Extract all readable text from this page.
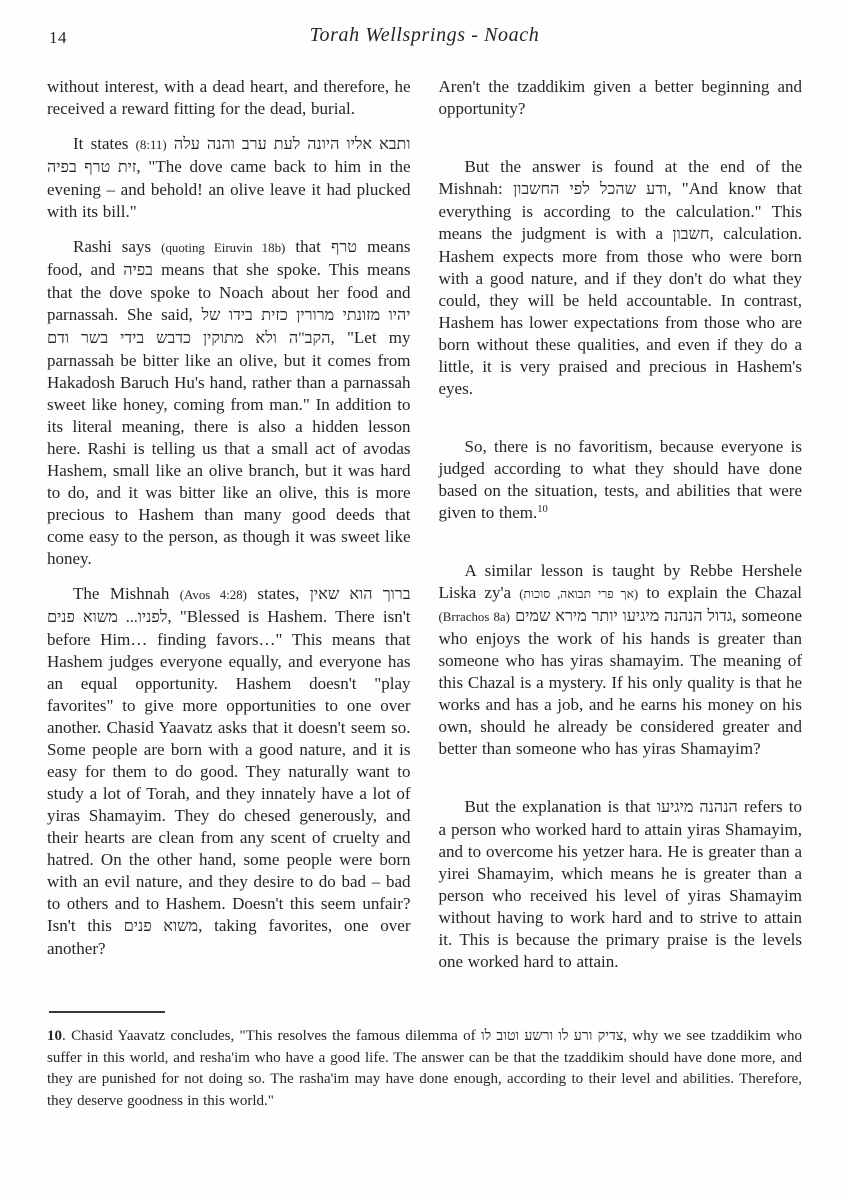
14	Torah Wellsprings - Noach

without interest, with a dead heart, and therefore, he received a reward fitting for the dead, burial.

It states (8:11) ותבא אליו היונה לעת ערב והנה עלה זית טרף בפיה, "The dove came back to him in the evening – and behold! an olive leave it had plucked with its bill."

Rashi says (quoting Eiruvin 18b) that טרף means food, and בפיה means that she spoke. This means that the dove spoke to Noach about her food and parnassah. She said, יהיו מזונתי מרורין כזית בידו של הקב"ה ולא מתוקין כדבש בידי בשר ודם, "Let my parnassah be bitter like an olive, but it comes from Hakadosh Baruch Hu's hand, rather than a parnassah sweet like honey, coming from man." In addition to its literal meaning, there is also a hidden lesson here. Rashi is telling us that a small act of avodas Hashem, small like an olive branch, but it was hard to do, and it was bitter like an olive, this is more precious to Hashem than many good deeds that come easy to the person, as though it was sweet like honey.

The Mishnah (Avos 4:28) states, ברוך הוא שאין לפניו... משוא פנים, "Blessed is Hashem. There isn't before Him… finding favors…" This means that Hashem judges everyone equally, and everyone has an equal opportunity. Hashem doesn't "play favorites" to give more opportunities to one over another. Chasid Yaavatz asks that it doesn't seem so. Some people are born with a good nature, and it is easy for them to do good. They naturally want to study a lot of Torah, and they innately have a lot of yiras Shamayim. They do chesed generously, and their hearts are clean from any scent of cruelty and hatred. On the other hand, some people were born with an evil nature, and they desire to do bad – bad to others and to Hashem. Doesn't this seem unfair? Isn't this משוא פנים, taking favorites, one over another?

Aren't the tzaddikim given a better beginning and opportunity?

But the answer is found at the end of the Mishnah: ודע שהכל לפי החשבון, "And know that everything is according to the calculation." This means the judgment is with a חשבון, calculation. Hashem expects more from those who were born with a good nature, and if they don't do what they could, they will be held accountable. In contrast, Hashem has lower expectations from those who are born without these qualities, and even if they do a little, it is very praised and precious in Hashem's eyes.

So, there is no favoritism, because everyone is judged according to what they should have done based on the situation, tests, and abilities that were given to them.$^{10}$

A similar lesson is taught by Rebbe Hershele Liska zy'a (אך פרי תבואה, סוכות) to explain the Chazal (Brrachos 8a) גדול הנהנה מיגיעו יותר מירא שמים, someone who enjoys the work of his hands is greater than someone who has yiras shamayim. The meaning of this Chazal is a mystery. If his only quality is that he works and has a job, and he earns his money on his own, should he already be considered greater and better than someone who has yiras Shamayim?

But the explanation is that הנהנה מיגיעו refers to a person who worked hard to attain yiras Shamayim, and to overcome his yetzer hara. He is greater than a yirei Shamayim, which means he is greater than a person who received his level of yiras Shamayim without having to work hard and to strive to attain it. This is because the primary praise is the levels one worked hard to attain.

10. Chasid Yaavatz concludes, "This resolves the famous dilemma of צדיק ורע לו ורשע וטוב לו, why we see tzaddikim who suffer in this world, and resha'im who have a good life. The answer can be that the tzaddikim should have done more, and they are punished for not doing so. The rasha'im may have done enough, according to their level and abilities. Therefore, they deserve goodness in this world."
